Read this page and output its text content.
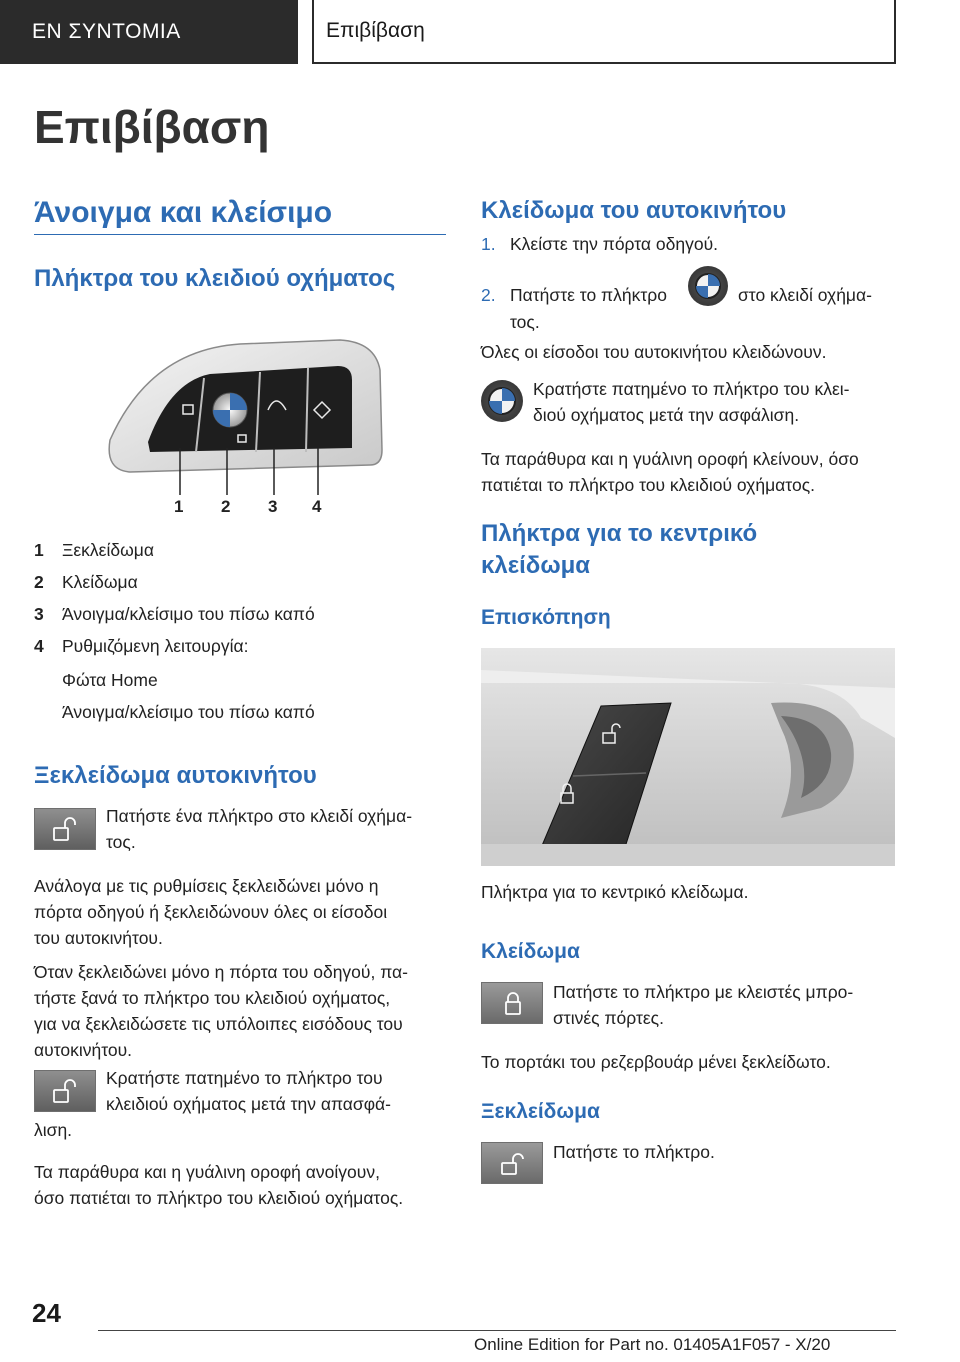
ΕΝ ΣΥΝΤΟΜΙΑ	Επιβίβαση
Επιβίβαση
Άνοιγμα και κλείσιμο
Πλήκτρα του κλειδιού οχήματος
1 2 3 4
1 Ξεκλείδωμα
2 Κλείδωμα
3 Άνοιγμα/κλείσιμο του πίσω καπό
4 Ρυθμιζόμενη λειτουργία:
Φώτα Home
Άνοιγμα/κλείσιμο του πίσω καπό
Ξεκλείδωμα αυτοκινήτου
Πατήστε ένα πλήκτρο στο κλειδί οχήμα-
τος.
Ανάλογα με τις ρυθμίσεις ξεκλειδώνει μόνο η
πόρτα οδηγού ή ξεκλειδώνουν όλες οι είσοδοι
του αυτοκινήτου.
Όταν ξεκλειδώνει μόνο η πόρτα του οδηγού, πα-
τήστε ξανά το πλήκτρο του κλειδιού οχήματος,
για να ξεκλειδώσετε τις υπόλοιπες εισόδους του
αυτοκινήτου.
Κρατήστε πατημένο το πλήκτρο του
κλειδιού οχήματος μετά την απασφά-
λιση.
Τα παράθυρα και η γυάλινη οροφή ανοίγουν,
όσο πατιέται το πλήκτρο του κλειδιού οχήματος.
Κλείδωμα του αυτοκινήτου
1. Κλείστε την πόρτα οδηγού.
2. Πατήστε το πλήκτρο	στο κλειδί οχήμα-
τος.
Όλες οι είσοδοι του αυτοκινήτου κλειδώνουν.
Κρατήστε πατημένο το πλήκτρο του κλει-
διού οχήματος μετά την ασφάλιση.
Τα παράθυρα και η γυάλινη οροφή κλείνουν, όσο
πατιέται το πλήκτρο του κλειδιού οχήματος.
Πλήκτρα για το κεντρικό
κλείδωμα
Επισκόπηση
Πλήκτρα για το κεντρικό κλείδωμα.
Κλείδωμα
Πατήστε το πλήκτρο με κλειστές μπρο-
στινές πόρτες.
Το πορτάκι του ρεζερβουάρ μένει ξεκλείδωτο.
Ξεκλείδωμα
Πατήστε το πλήκτρο.
24
Online Edition for Part no. 01405A1F057 - X/20
